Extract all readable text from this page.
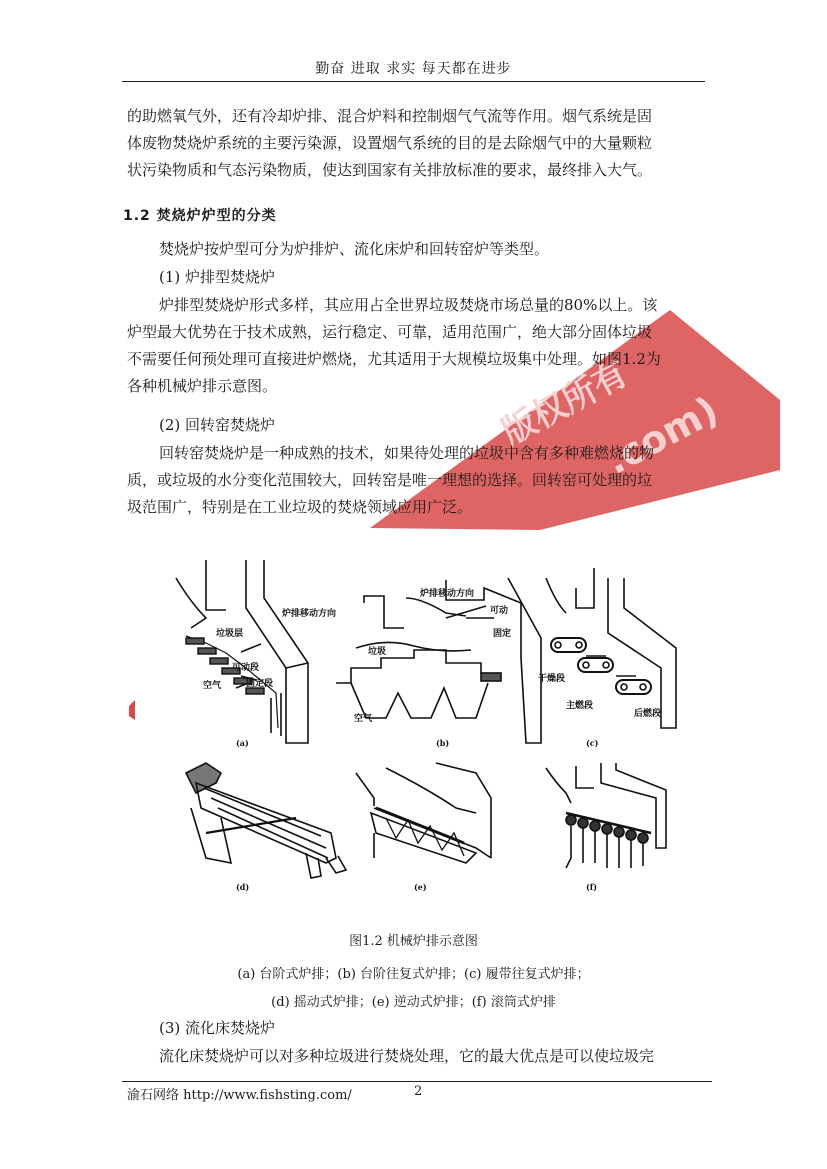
勤奋 进取 求实 每天都在进步
版权所有
.com)
的助燃氧气外，还有冷却炉排、混合炉料和控制烟气气流等作用。烟气系统是固
体废物焚烧炉系统的主要污染源，设置烟气系统的目的是去除烟气中的大量颗粒
状污染物质和气态污染物质，使达到国家有关排放标准的要求，最终排入大气。
1.2 焚烧炉炉型的分类
焚烧炉按炉型可分为炉排炉、流化床炉和回转窑炉等类型。
(1) 炉排型焚烧炉
炉排型焚烧炉形式多样，其应用占全世界垃圾焚烧市场总量的80%以上。该
炉型最大优势在于技术成熟，运行稳定、可靠，适用范围广，绝大部分固体垃圾
不需要任何预处理可直接进炉燃烧，尤其适用于大规模垃圾集中处理。如图1.2为
各种机械炉排示意图。
(2) 回转窑焚烧炉
回转窑焚烧炉是一种成熟的技术，如果待处理的垃圾中含有多种难燃烧的物
质，或垃圾的水分变化范围较大，回转窑是唯一理想的选择。回转窑可处理的垃
圾范围广，特别是在工业垃圾的焚烧领域应用广泛。
垃圾层
炉排移动方向
可动段
空气	固定段
(a)
炉排移动方向
可动
固定
垃圾
空气
(b)
干燥段
主燃段
后燃段
(c)
(d)	(e)	(f)
图1.2 机械炉排示意图
(a) 台阶式炉排；(b) 台阶往复式炉排；(c) 履带往复式炉排；
(d) 摇动式炉排；(e) 逆动式炉排；(f) 滚筒式炉排
(3) 流化床焚烧炉
流化床焚烧炉可以对多种垃圾进行焚烧处理，它的最大优点是可以使垃圾完
渝石网络 http://www.fishsting.com/	2
